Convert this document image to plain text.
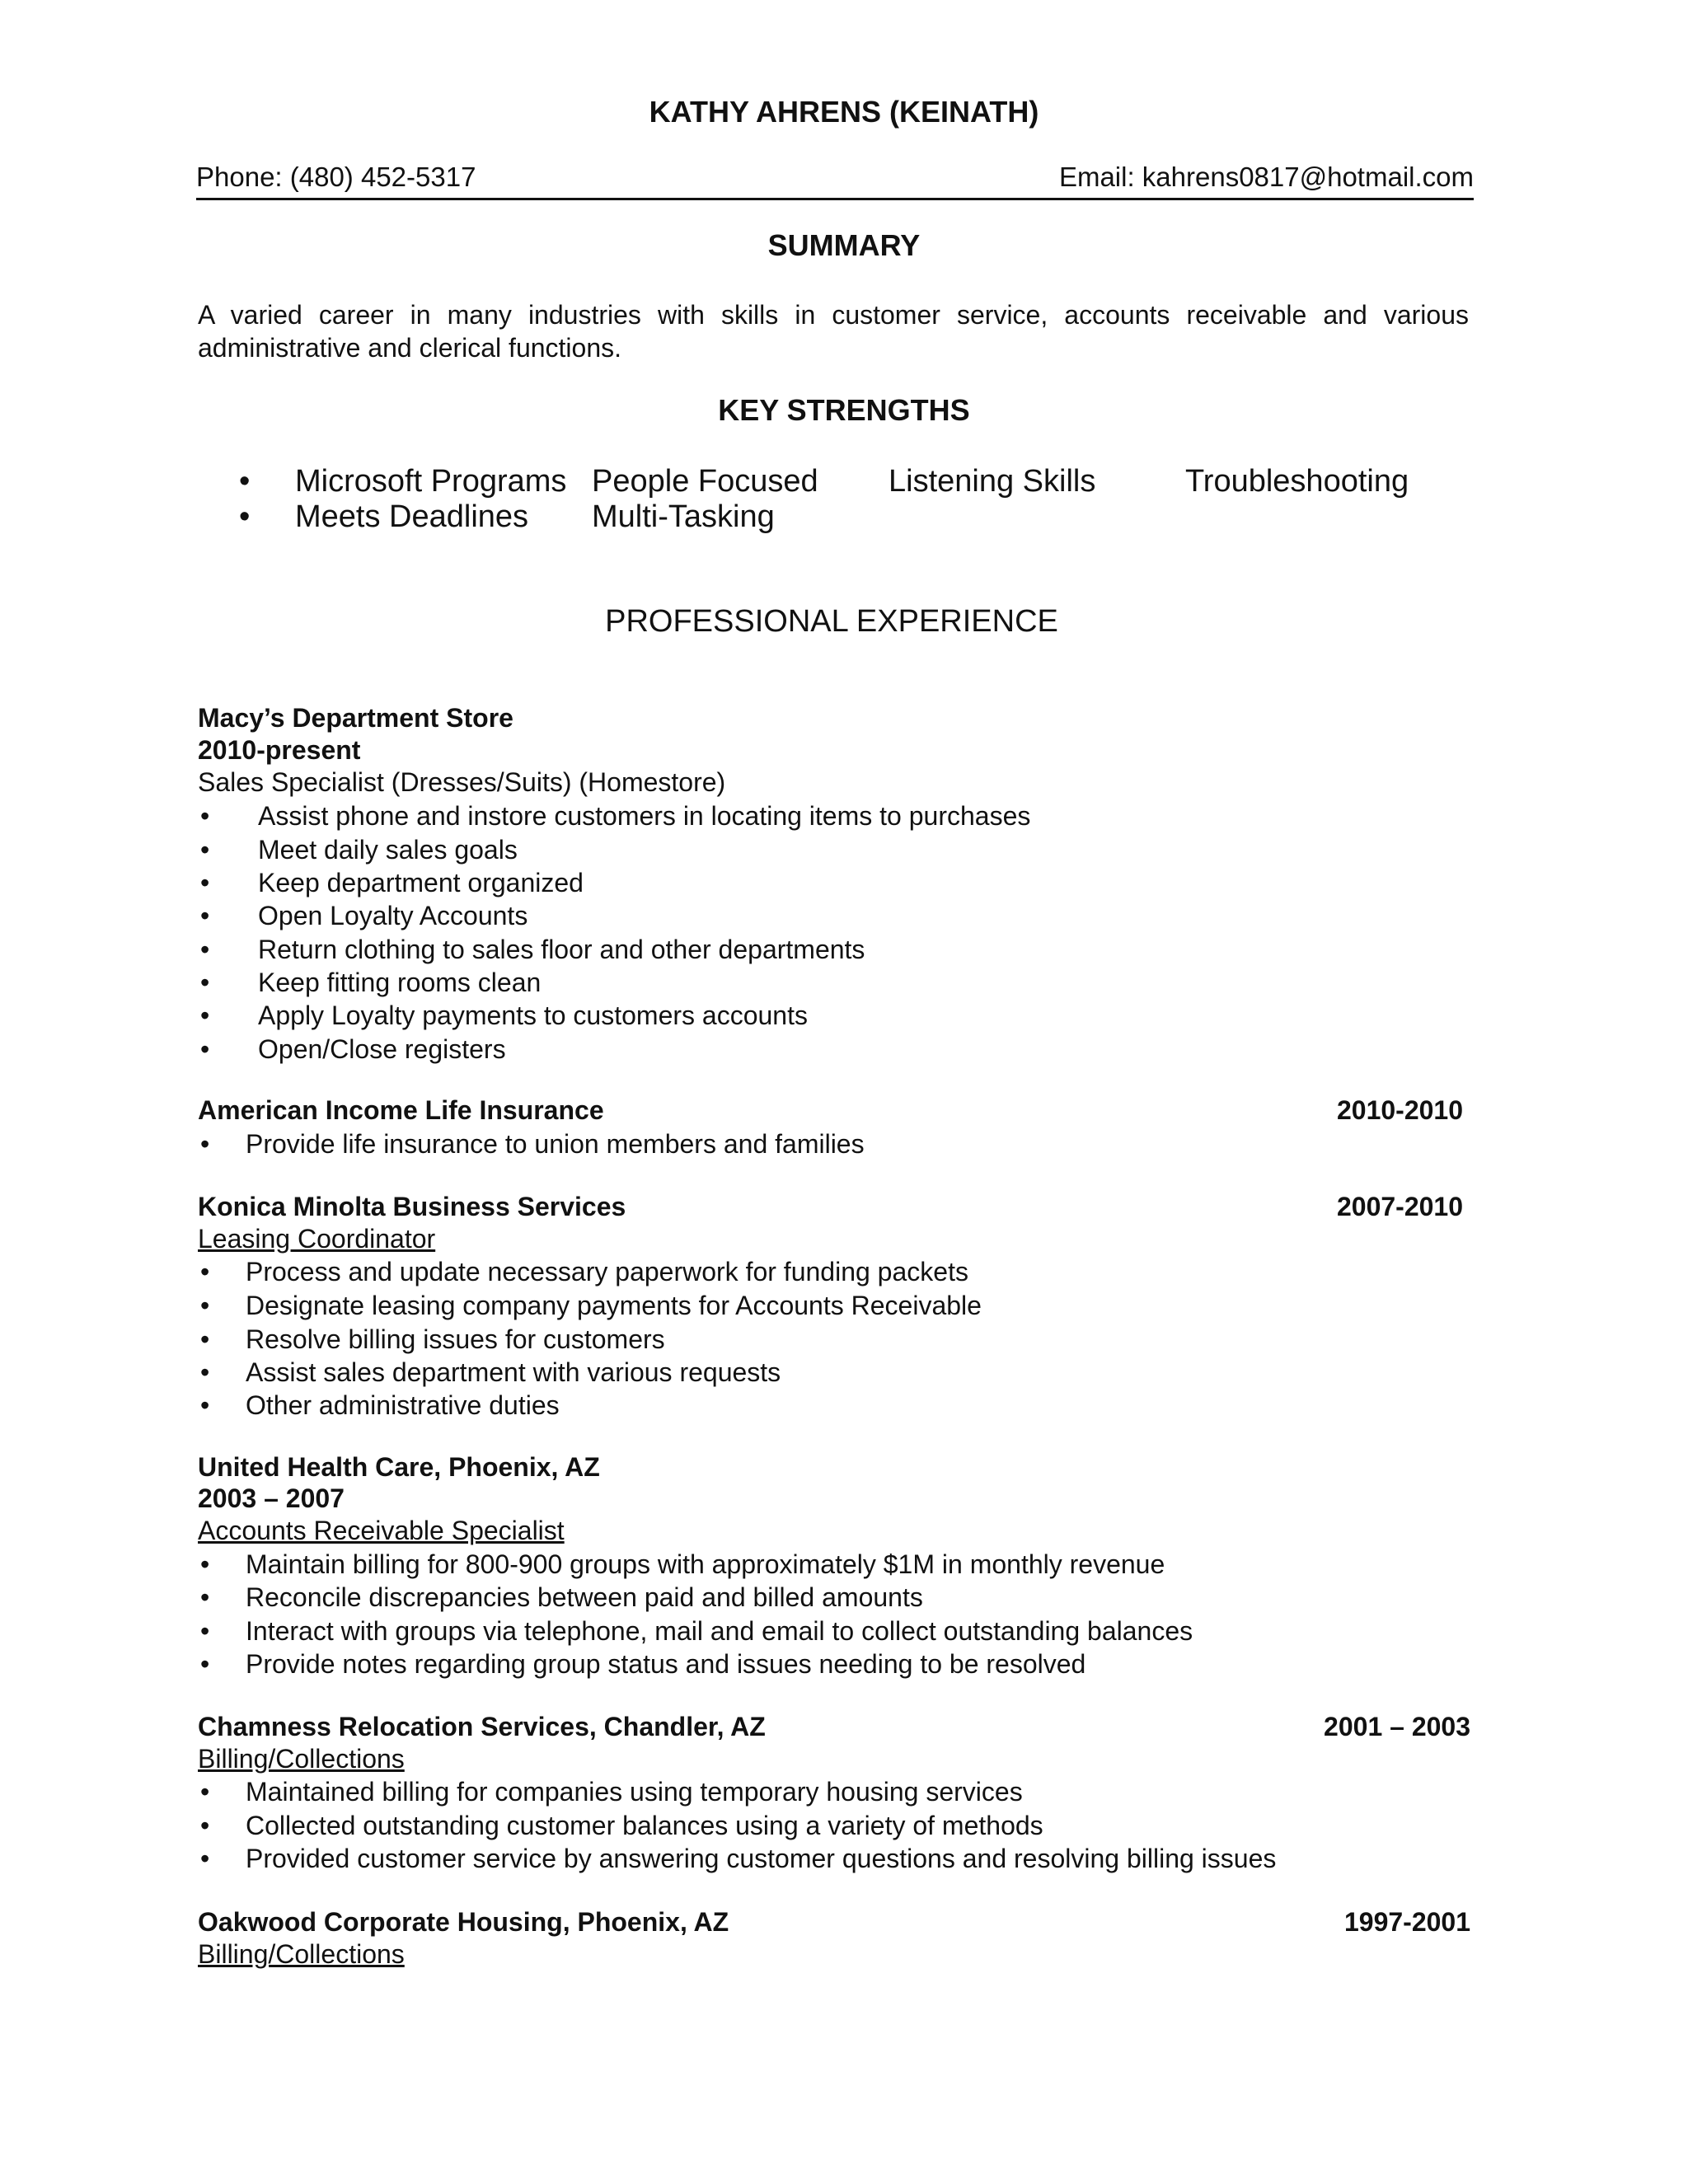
KATHY AHRENS (KEINATH)
Phone: (480) 452-5317	Email: kahrens0817@hotmail.com
SUMMARY
A varied career in many industries with skills in customer service, accounts receivable and various administrative and clerical functions.
KEY STRENGTHS
• Microsoft Programs People Focused Listening Skills	Troubleshooting
• Meets Deadlines Multi-Tasking
PROFESSIONAL EXPERIENCE
Macy’s Department Store
2010-present
Sales Specialist (Dresses/Suits) (Homestore)
• Assist phone and instore customers in locating items to purchases
• Meet daily sales goals
• Keep department organized
• Open Loyalty Accounts
• Return clothing to sales floor and other departments
• Keep fitting rooms clean
• Apply Loyalty payments to customers accounts
• Open/Close registers
American Income Life Insurance	2010-2010
• Provide life insurance to union members and families
Konica Minolta Business Services	2007-2010
Leasing Coordinator
• Process and update necessary paperwork for funding packets
• Designate leasing company payments for Accounts Receivable
• Resolve billing issues for customers
• Assist sales department with various requests
• Other administrative duties
United Health Care, Phoenix, AZ
2003 – 2007
Accounts Receivable Specialist
• Maintain billing for 800-900 groups with approximately $1M in monthly revenue
• Reconcile discrepancies between paid and billed amounts
• Interact with groups via telephone, mail and email to collect outstanding balances
• Provide notes regarding group status and issues needing to be resolved
Chamness Relocation Services, Chandler, AZ	2001 – 2003
Billing/Collections
• Maintained billing for companies using temporary housing services
• Collected outstanding customer balances using a variety of methods
• Provided customer service by answering customer questions and resolving billing issues
Oakwood Corporate Housing, Phoenix, AZ	1997-2001
Billing/Collections
